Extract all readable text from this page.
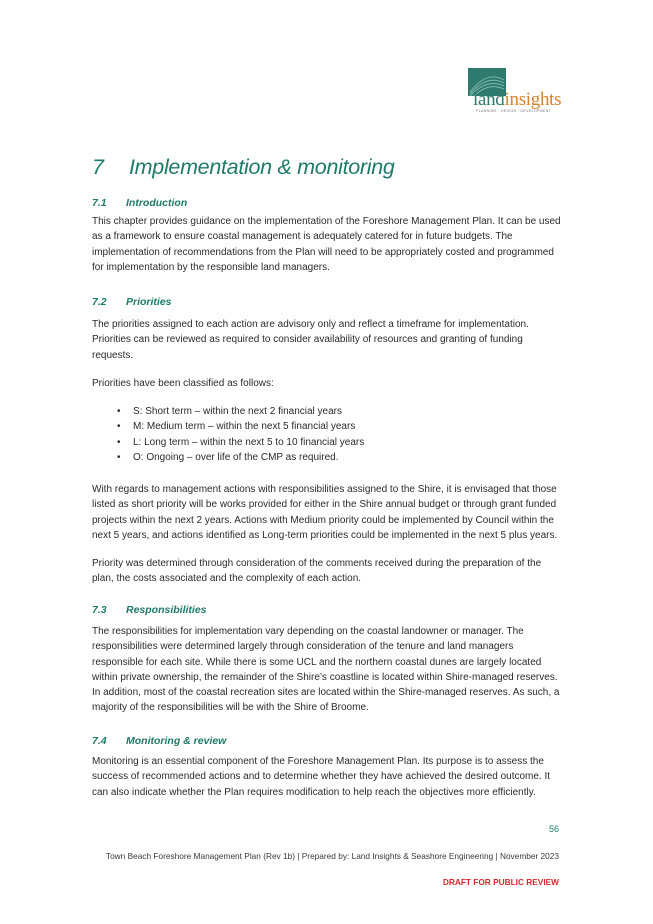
landinsights
PLANNING · DESIGN · DEVELOPMENT
7 Implementation & monitoring
7.1 Introduction

This chapter provides guidance on the implementation of the Foreshore Management Plan. It can be used
as a framework to ensure coastal management is adequately catered for in future budgets. The
implementation of recommendations from the Plan will need to be appropriately costed and programmed
for implementation by the responsible land managers.

7.2 Priorities

The priorities assigned to each action are advisory only and reflect a timeframe for implementation.
Priorities can be reviewed as required to consider availability of resources and granting of funding
requests.

Priorities have been classified as follows:

• S: Short term – within the next 2 financial years
• M: Medium term – within the next 5 financial years
• L: Long term – within the next 5 to 10 financial years
• O: Ongoing – over life of the CMP as required.

With regards to management actions with responsibilities assigned to the Shire, it is envisaged that those
listed as short priority will be works provided for either in the Shire annual budget or through grant funded
projects within the next 2 years. Actions with Medium priority could be implemented by Council within the
next 5 years, and actions identified as Long-term priorities could be implemented in the next 5 plus years.

Priority was determined through consideration of the comments received during the preparation of the
plan, the costs associated and the complexity of each action.

7.3 Responsibilities

The responsibilities for implementation vary depending on the coastal landowner or manager. The
responsibilities were determined largely through consideration of the tenure and land managers
responsible for each site. While there is some UCL and the northern coastal dunes are largely located
within private ownership, the remainder of the Shire’s coastline is located within Shire-managed reserves.
In addition, most of the coastal recreation sites are located within the Shire-managed reserves. As such, a
majority of the responsibilities will be with the Shire of Broome.

7.4 Monitoring & review

Monitoring is an essential component of the Foreshore Management Plan. Its purpose is to assess the
success of recommended actions and to determine whether they have achieved the desired outcome. It
can also indicate whether the Plan requires modification to help reach the objectives more efficiently.

56
Town Beach Foreshore Management Plan (Rev 1b) | Prepared by: Land Insights & Seashore Engineering | November 2023
DRAFT FOR PUBLIC REVIEW
